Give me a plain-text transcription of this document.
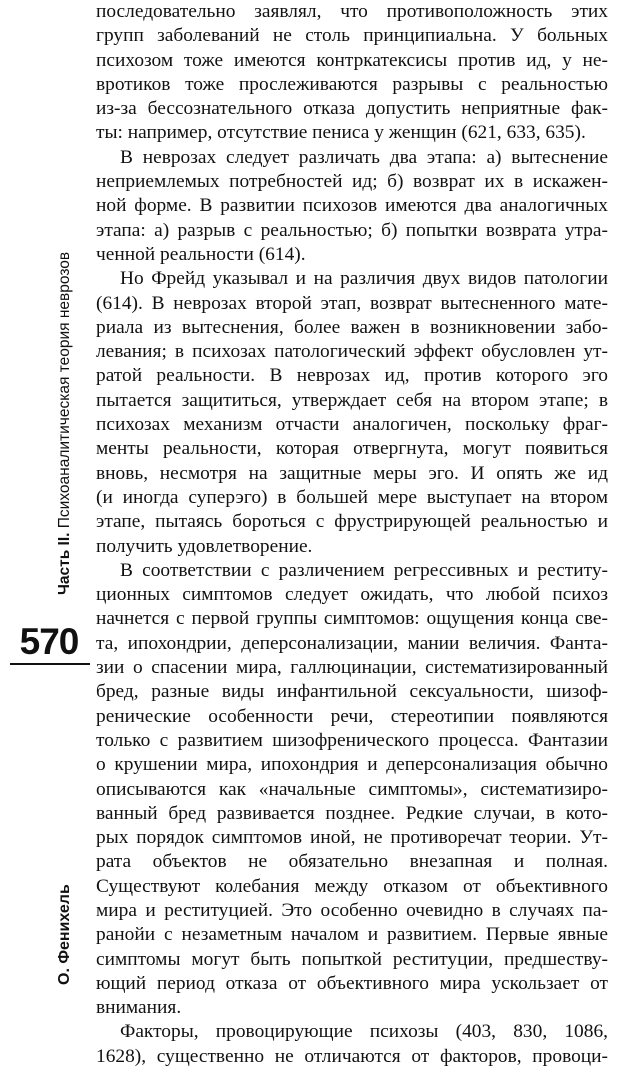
Часть II. Психоаналитическая теория неврозов
570
О. Фенихель
последовательно заявлял, что противоположность этих
групп заболеваний не столь принципиальна. У больных
психозом тоже имеются контркатексисы против ид, у не-
вротиков тоже прослеживаются разрывы с реальностью
из-за бессознательного отказа допустить неприятные фак-
ты: например, отсутствие пениса у женщин (621, 633, 635).
В неврозах следует различать два этапа: а) вытеснение
неприемлемых потребностей ид; б) возврат их в искажен-
ной форме. В развитии психозов имеются два аналогичных
этапа: а) разрыв с реальностью; б) попытки возврата утра-
ченной реальности (614).
Но Фрейд указывал и на различия двух видов патологии
(614). В неврозах второй этап, возврат вытесненного мате-
риала из вытеснения, более важен в возникновении забо-
левания; в психозах патологический эффект обусловлен ут-
ратой реальности. В неврозах ид, против которого эго
пытается защититься, утверждает себя на втором этапе; в
психозах механизм отчасти аналогичен, поскольку фраг-
менты реальности, которая отвергнута, могут появиться
вновь, несмотря на защитные меры эго. И опять же ид
(и иногда суперэго) в большей мере выступает на втором
этапе, пытаясь бороться с фрустрирующей реальностью и
получить удовлетворение.
В соответствии с различением регрессивных и реститу-
ционных симптомов следует ожидать, что любой психоз
начнется с первой группы симптомов: ощущения конца све-
та, ипохондрии, деперсонализации, мании величия. Фанта-
зии о спасении мира, галлюцинации, систематизированный
бред, разные виды инфантильной сексуальности, шизоф-
ренические особенности речи, стереотипии появляются
только с развитием шизофренического процесса. Фантазии
о крушении мира, ипохондрия и деперсонализация обычно
описываются как «начальные симптомы», систематизиро-
ванный бред развивается позднее. Редкие случаи, в кото-
рых порядок симптомов иной, не противоречат теории. Ут-
рата объектов не обязательно внезапная и полная.
Существуют колебания между отказом от объективного
мира и реституцией. Это особенно очевидно в случаях па-
ранойи с незаметным началом и развитием. Первые явные
симптомы могут быть попыткой реституции, предшеству-
ющий период отказа от объективного мира ускользает от
внимания.
Факторы, провоцирующие психозы (403, 830, 1086,
1628), существенно не отличаются от факторов, провоци-
